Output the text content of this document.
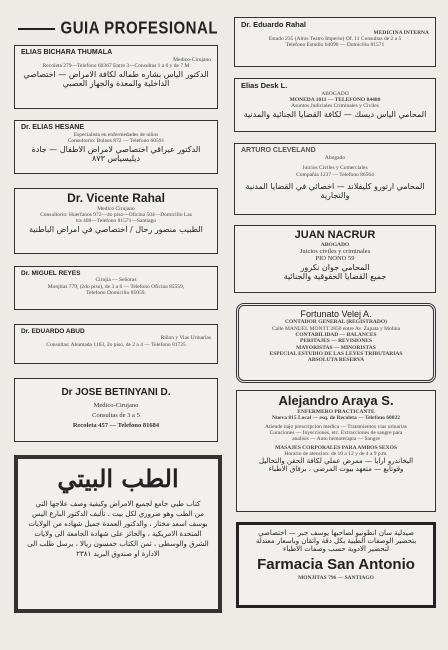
GUIA PROFESIONAL
ELIAS BICHARA THUMALA
Medico-Cirujano
Recoleta 279—Telefono 60367 Entre 3—Consultas 1 a 6 y de 7 M
الدكتور الياس بشاره طماله لكافة الامراض — اختصاصي
الداخلية والمعدة والجهاز العصبي
Dr. ELIAS HESANE
Especialista en enfermedades de niños
Consultorio: Bulnes 872 — Telefono 60591
الدكتور عيراقي اختصاصي لامراض الاطفال — جادة ديليسياس ٨٧٣
Dr. Vicente Rahal
Medico Cirujano
Consultorio: Huerfanos 972—4o piso—Oficina 504—Domicilio Las
tra 408—Telefono 81571—Santiago
الطبيب منصور رحال / اختصاصي في امراض الباطنية
Dr. MIGUEL REYES
Cirujia — Señoras
Monjitas 779, (2do piso), de 3 a 6 — Telefono Oficina 85559,
Telefono Domicilio 85059.
Dr. EDUARDO ABUD
Riñon y Vias Urinarias
Consultas: Ahumada 1163, 2o piso, de 2 a 4 — Telefono 81725
Dr JOSE BETINYANI D.
Medico-Cirujano
Consultas de 3 a 5
Recoleta 457 — Telefono 81684
الطب البيتي
كتاب طبي جامع لجميع الامراض وكيفية وصف علاجها التي
من الطب وهو ضروري لكل بيت . تأليف الدكتور البارع اليس
بوسف اسعد مختار ، والدكتور العمدة جميل شهاده من الولايات
المتحدة الامريكية ، والحائز على شهادة الجامعة الى ولايات
الشرق والوسطى ، ثمن الكتاب خمسون ريالا ، يرسل طلب الى
الادارة او صندوق البريد ٢٣٨١
Dr. Eduardo Rahal
MEDICINA INTERNA
Estado 235 (Altos Teatro Imperio) Of. 11 Consultas de 2 a 5
Telefono Estudio 64090 — Domicilio 81571
Elias Desk L.
ABOGADO
MONEDA 1011 — TELEFONO 84480
Asuntos Judiciales Criminales y Civiles
المحامي الياس ديسك — لكافة القضايا الجنائية والمدنية
ARTURO CLEVELAND
Abogado
Juicios Civiles y Comerciales
Compañia 1237 — Telefono 86564
المحامي ارتورو كليفلاند — اخصائي في القضايا المدنية والتجارية
JUAN NACRUR
ABOGADO
Juicios civiles y criminales
PIO NONO 59
المحامي جوان نكرور
جميع القضايا الحقوقية والجنائية
Fortunato Velej A.
CONTADOR GENERAL (REGISTRADO)
Calle MANUEL MONTT 2850 entre Av. Zapata y Molina
CONTABILIDAD — BALANCES
PERITAJES — REVISIONES
MAYORISTAS — MINORISTAS
ESPECIAL ESTUDIO DE LAS LEYES TRIBUTARIAS
ABSOLUTA RESERVA
Alejandro Araya S.
ENFERMERO PRACTICANTE
Nueva 815 Local — esq. de Recoleta — Telefono 60822
Atiende bajo prescripcion medica — Tratamientos vias urinarias
Curaciones — Inyecciones, etc. Extracciones de sangre para
analisis — Auto hemoterapia — Sangre
MASAJES CORPORALES PARA AMBOS SEXOS
Horario de atencion: de 10 a 12 y de 4 a 9 p.m.
اليخاندرو ارايا — ممرض عملي لكافة الحقن والتحاليل
وقوتابع — متعهد بيوت المرضى ، برفاق الاطباء
صيدلية سان انطونيو لصاحبها يوسف جبر — اختصاصي
بتحضير الوصفات الطبية بكل دقة واتقان وباسعار معتدلة
لتحضير الادوية حسب وصفات الاطباء
Farmacia San Antonio
MONJITAS 796 — SANTIAGO
